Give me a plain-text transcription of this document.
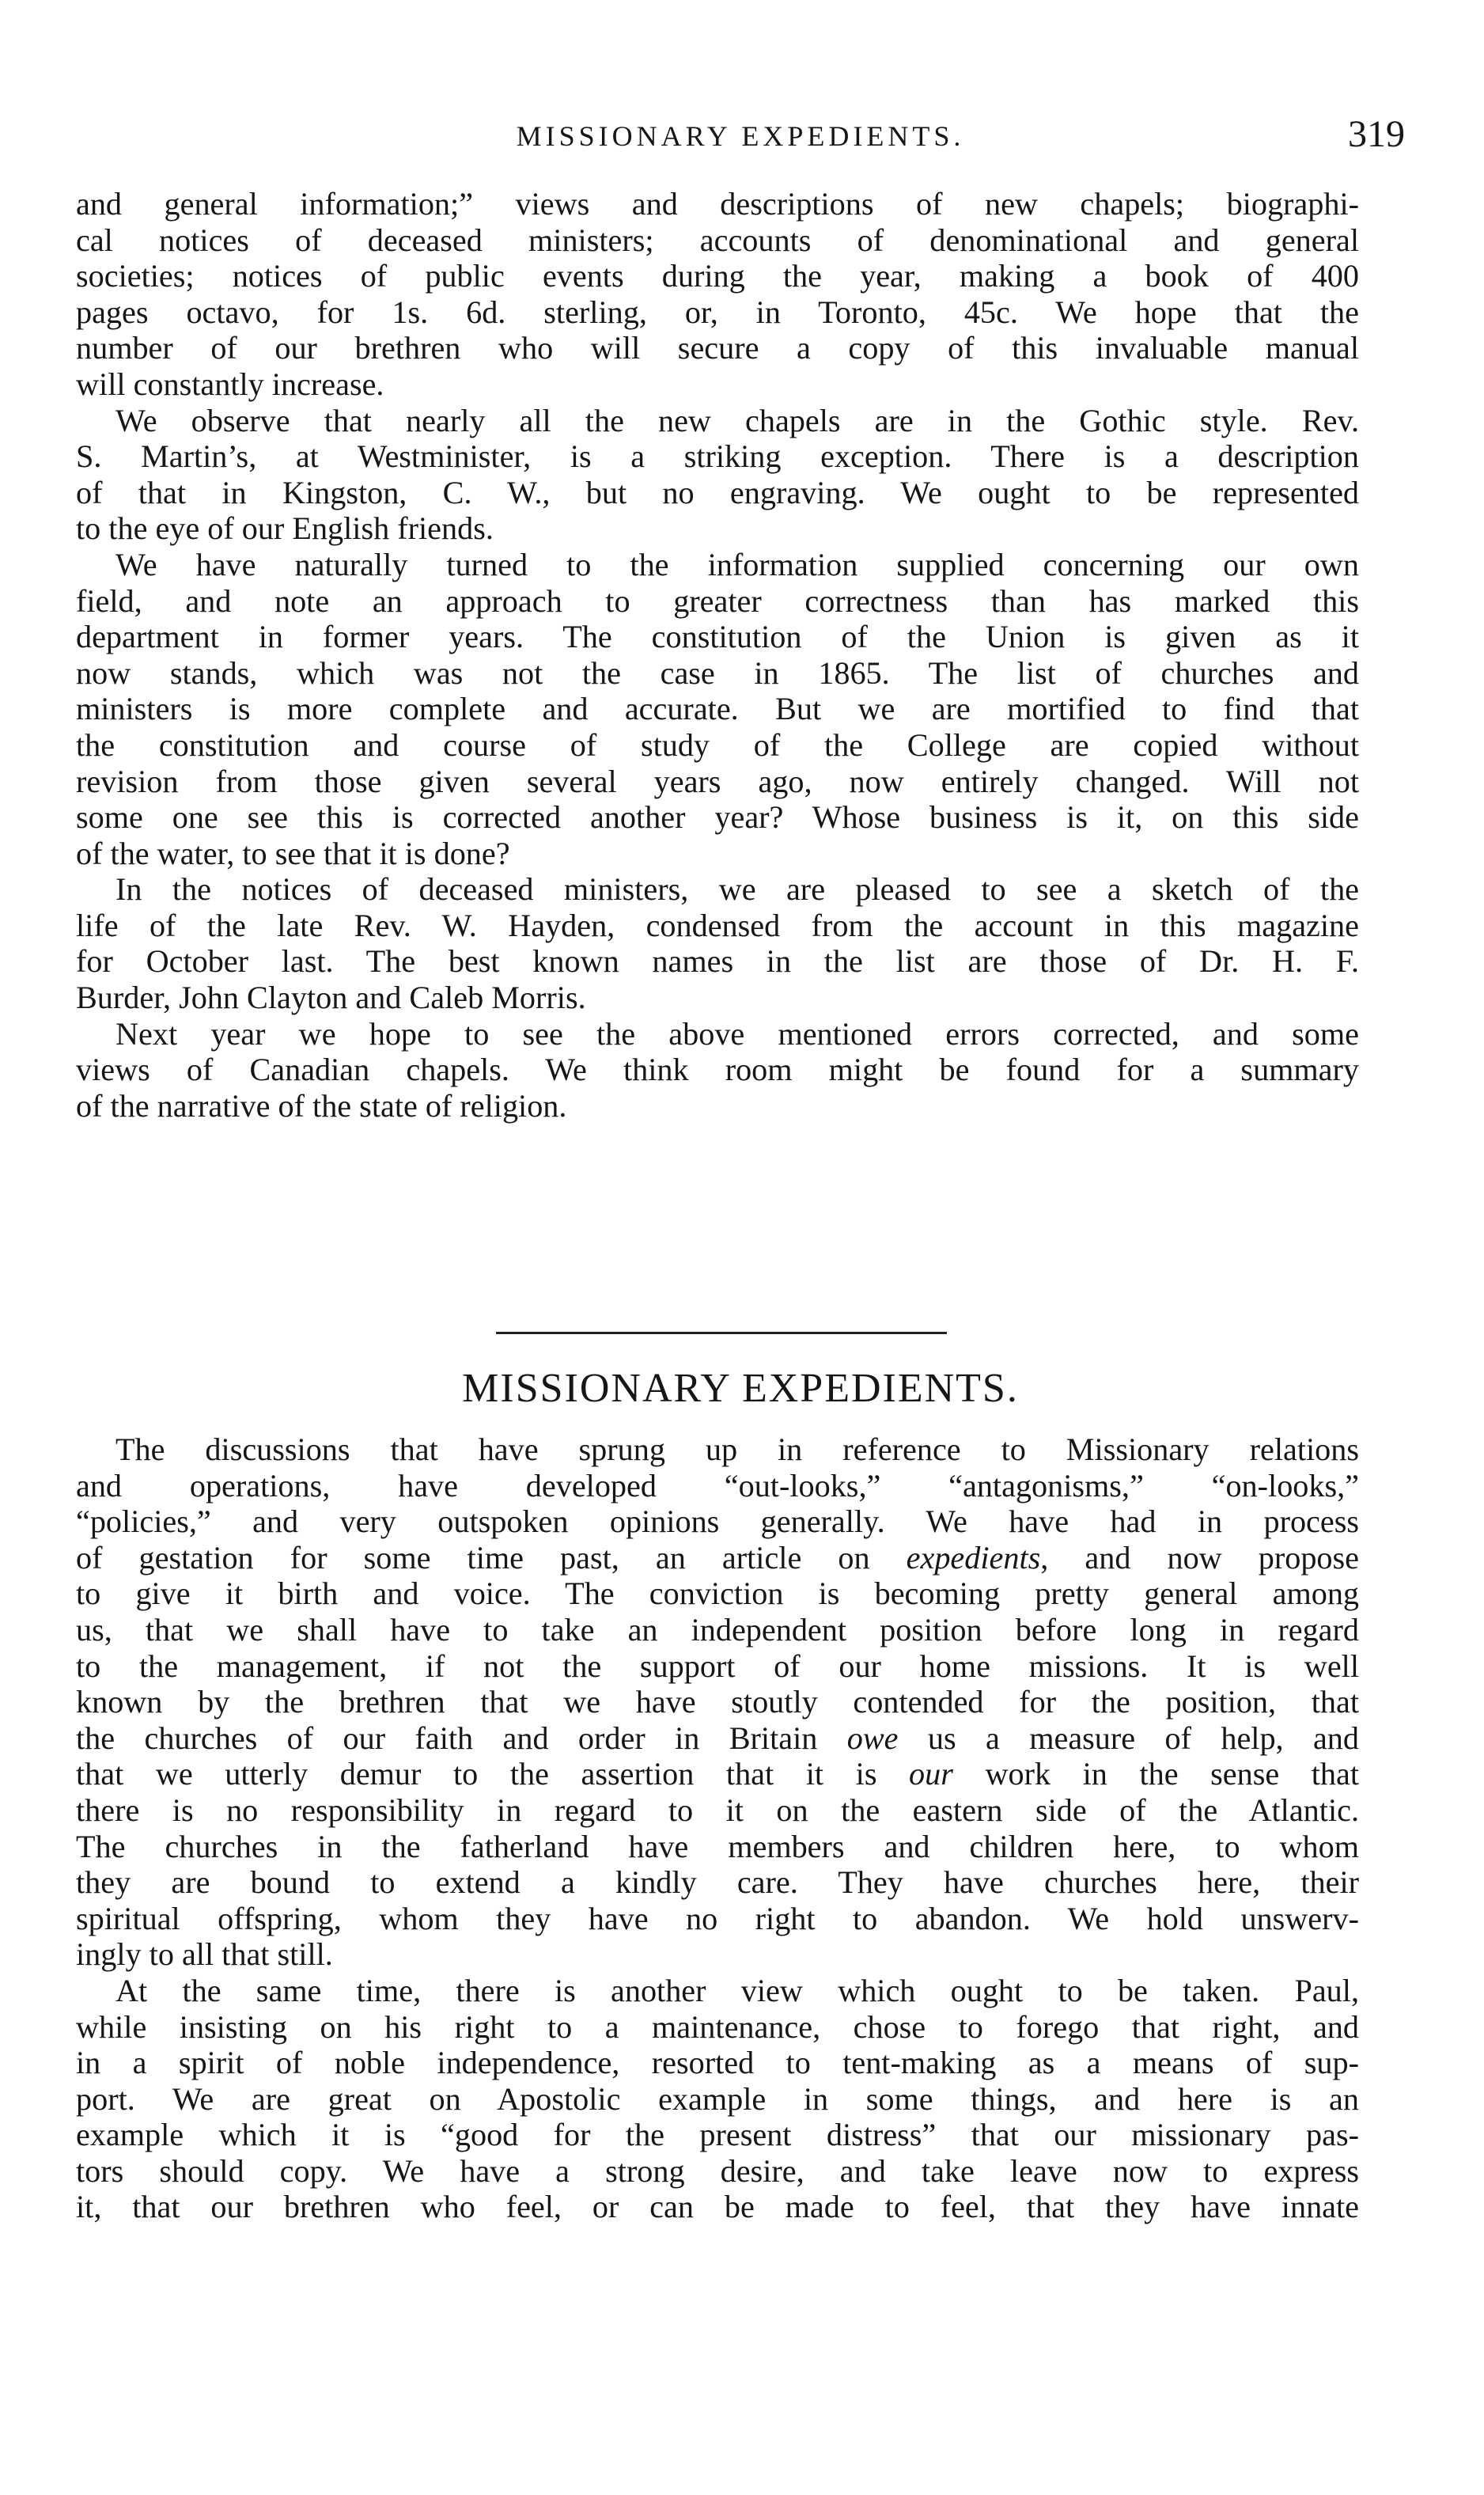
MISSIONARY EXPEDIENTS.	319
and general information;” views and descriptions of new chapels; biographi-
cal notices of deceased ministers; accounts of denominational and general
societies; notices of public events during the year, making a book of 400
pages octavo, for 1s. 6d. sterling, or, in Toronto, 45c. We hope that the
number of our brethren who will secure a copy of this invaluable manual
will constantly increase.
We observe that nearly all the new chapels are in the Gothic style. Rev.
S. Martin’s, at Westminister, is a striking exception. There is a description
of that in Kingston, C. W., but no engraving. We ought to be represented
to the eye of our English friends.
We have naturally turned to the information supplied concerning our own
field, and note an approach to greater correctness than has marked this
department in former years. The constitution of the Union is given as it
now stands, which was not the case in 1865. The list of churches and
ministers is more complete and accurate. But we are mortified to find that
the constitution and course of study of the College are copied without
revision from those given several years ago, now entirely changed. Will not
some one see this is corrected another year? Whose business is it, on this side
of the water, to see that it is done?
In the notices of deceased ministers, we are pleased to see a sketch of the
life of the late Rev. W. Hayden, condensed from the account in this magazine
for October last. The best known names in the list are those of Dr. H. F.
Burder, John Clayton and Caleb Morris.
Next year we hope to see the above mentioned errors corrected, and some
views of Canadian chapels. We think room might be found for a summary
of the narrative of the state of religion.
MISSIONARY EXPEDIENTS.
The discussions that have sprung up in reference to Missionary relations
and operations, have developed “out-looks,” “antagonisms,” “on-looks,”
“policies,” and very outspoken opinions generally. We have had in process
of gestation for some time past, an article on expedients, and now propose
to give it birth and voice. The conviction is becoming pretty general among
us, that we shall have to take an independent position before long in regard
to the management, if not the support of our home missions. It is well
known by the brethren that we have stoutly contended for the position, that
the churches of our faith and order in Britain owe us a measure of help, and
that we utterly demur to the assertion that it is our work in the sense that
there is no responsibility in regard to it on the eastern side of the Atlantic.
The churches in the fatherland have members and children here, to whom
they are bound to extend a kindly care. They have churches here, their
spiritual offspring, whom they have no right to abandon. We hold unswerv-
ingly to all that still.
At the same time, there is another view which ought to be taken. Paul,
while insisting on his right to a maintenance, chose to forego that right, and
in a spirit of noble independence, resorted to tent-making as a means of sup-
port. We are great on Apostolic example in some things, and here is an
example which it is “good for the present distress” that our missionary pas-
tors should copy. We have a strong desire, and take leave now to express
it, that our brethren who feel, or can be made to feel, that they have innate
